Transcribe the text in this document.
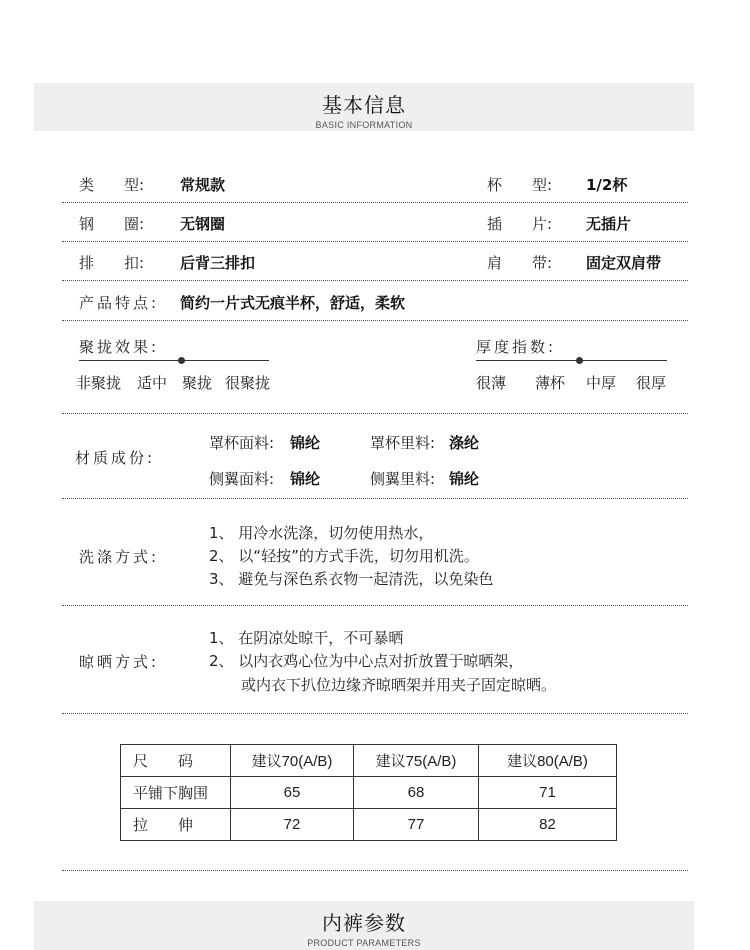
基本信息
BASIC INFORMATION
类　　型: 常规款	杯　　型: 1/2杯
钢　　圈: 无钢圈	插　　片: 无插片
排　　扣: 后背三排扣	肩　　带: 固定双肩带
产品特点: 简约一片式无痕半杯，舒适，柔软
聚拢效果:
非聚拢 适中 聚拢 很聚拢
厚度指数:
很薄 薄杯 中厚 很厚
材质成份:
罩杯面料: 锦纶	罩杯里料: 涤纶
侧翼面料: 锦纶	侧翼里料: 锦纶
洗涤方式:
1、 用冷水洗涤，切勿使用热水，
2、 以“轻按”的方式手洗，切勿用机洗。
3、 避免与深色系衣物一起清洗，以免染色
晾晒方式:
1、 在阴凉处晾干，不可暴晒
2、 以内衣鸡心位为中心点对折放置于晾晒架，
或内衣下扒位边缘齐晾晒架并用夹子固定晾晒。
尺　　码	建议70(A/B)	建议75(A/B)	建议80(A/B)
平铺下胸围	65	68	71
拉　　伸	72	77	82
内裤参数
PRODUCT PARAMETERS
